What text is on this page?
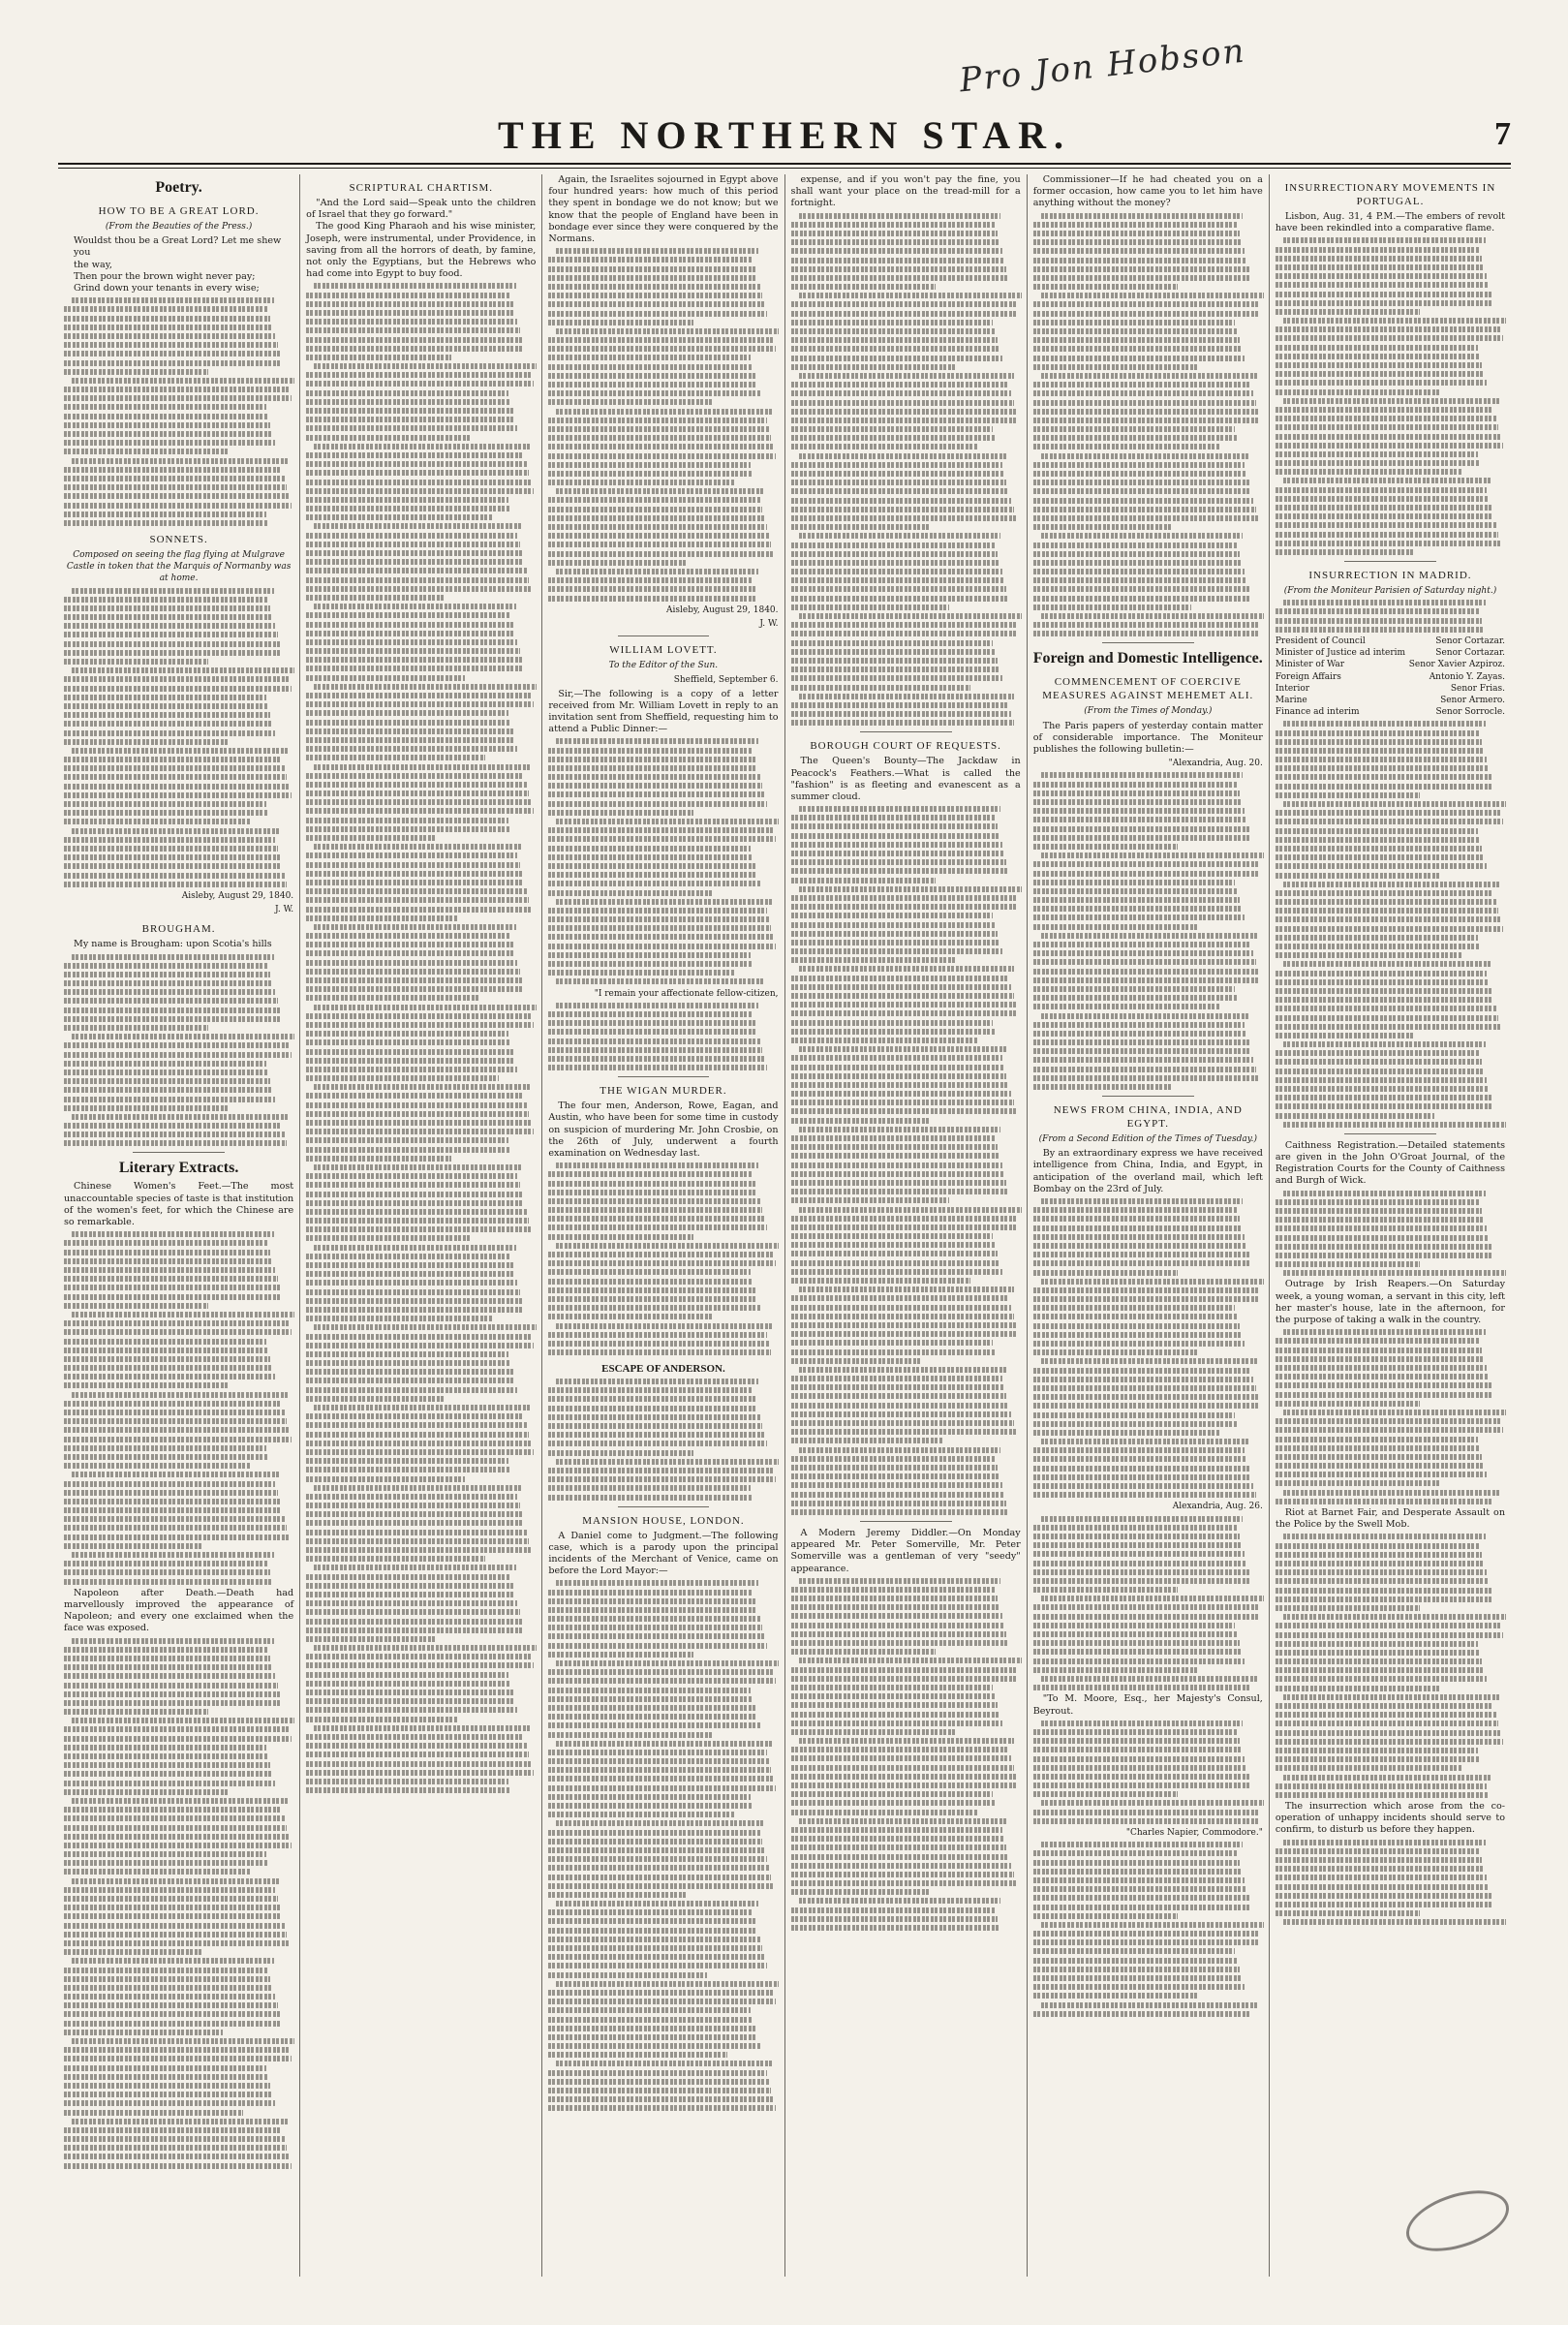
Pro Jon Hobson
THE NORTHERN STAR.	7
Poetry.
HOW TO BE A GREAT LORD.
(From the Beauties of the Press.)
Wouldst thou be a Great Lord? Let me shew you
the way,
Then pour the brown wight never pay;
Grind down your tenants in every wise;
SONNETS.
Composed on seeing the flag flying at Mulgrave Castle in token that the Marquis of Normanby was at home.
Aisleby, August 29, 1840.
J. W.
BROUGHAM.
My name is Brougham: upon Scotia's hills
Literary Extracts.

Chinese Women's Feet.—The most unaccountable species of taste is that institution of the women's feet, for which the Chinese are so remarkable.

Napoleon after Death.—Death had marvellously improved the appearance of Napoleon; and every one exclaimed when the face was exposed.

SCRIPTURAL CHARTISM.

"And the Lord said—Speak unto the children of Israel that they go forward."

The good King Pharaoh and his wise minister, Joseph, were instrumental, under Providence, in saving from all the horrors of death, by famine, not only the Egyptians, but the Hebrews who had come into Egypt to buy food.

Again, the Israelites sojourned in Egypt above four hundred years: how much of this period they spent in bondage we do not know; but we know that the people of England have been in bondage ever since they were conquered by the Normans.

Aisleby, August 29, 1840.
J. W.
WILLIAM LOVETT.
To the Editor of the Sun.
Sheffield, September 6.

Sir,—The following is a copy of a letter received from Mr. William Lovett in reply to an invitation sent from Sheffield, requesting him to attend a Public Dinner:—

"I remain your affectionate fellow-citizen,
THE WIGAN MURDER.

The four men, Anderson, Rowe, Eagan, and Austin, who have been for some time in custody on suspicion of murdering Mr. John Crosbie, on the 26th of July, underwent a fourth examination on Wednesday last.

ESCAPE OF ANDERSON.
MANSION HOUSE, LONDON.

A Daniel come to Judgment.—The following case, which is a parody upon the principal incidents of the Merchant of Venice, came on before the Lord Mayor:—

expense, and if you won't pay the fine, you shall want your place on the tread-mill for a fortnight.

BOROUGH COURT OF REQUESTS.

The Queen's Bounty—The Jackdaw in Peacock's Feathers.—What is called the "fashion" is as fleeting and evanescent as a summer cloud.

A Modern Jeremy Diddler.—On Monday appeared Mr. Peter Somerville, Mr. Peter Somerville was a gentleman of very "seedy" appearance.

Commissioner—If he had cheated you on a former occasion, how came you to let him have anything without the money?

Foreign and Domestic Intelligence.
COMMENCEMENT OF COERCIVE MEASURES AGAINST MEHEMET ALI.
(From the Times of Monday.)

The Paris papers of yesterday contain matter of considerable importance. The Moniteur publishes the following bulletin:—

"Alexandria, Aug. 20.
NEWS FROM CHINA, INDIA, AND EGYPT.
(From a Second Edition of the Times of Tuesday.)

By an extraordinary express we have received intelligence from China, India, and Egypt, in anticipation of the overland mail, which left Bombay on the 23rd of July.

Alexandria, Aug. 26.

"To M. Moore, Esq., her Majesty's Consul, Beyrout.

"Charles Napier, Commodore."
INSURRECTIONARY MOVEMENTS IN PORTUGAL.

Lisbon, Aug. 31, 4 P.M.—The embers of revolt have been rekindled into a comparative flame.

INSURRECTION IN MADRID.
(From the Moniteur Parisien of Saturday night.)
President of Council	Senor Cortazar.
Minister of Justice ad interim	Senor Cortazar.
Minister of War	Senor Xavier Azpiroz.
Foreign Affairs	Antonio Y. Zayas.
Interior	Senor Frias.
Marine	Senor Armero.
Finance ad interim	Senor Sorrocle.

Caithness Registration.—Detailed statements are given in the John O'Groat Journal, of the Registration Courts for the County of Caithness and Burgh of Wick.

Outrage by Irish Reapers.—On Saturday week, a young woman, a servant in this city, left her master's house, late in the afternoon, for the purpose of taking a walk in the country.

Riot at Barnet Fair, and Desperate Assault on the Police by the Swell Mob.

The insurrection which arose from the co-operation of unhappy incidents should serve to confirm, to disturb us before they happen.
